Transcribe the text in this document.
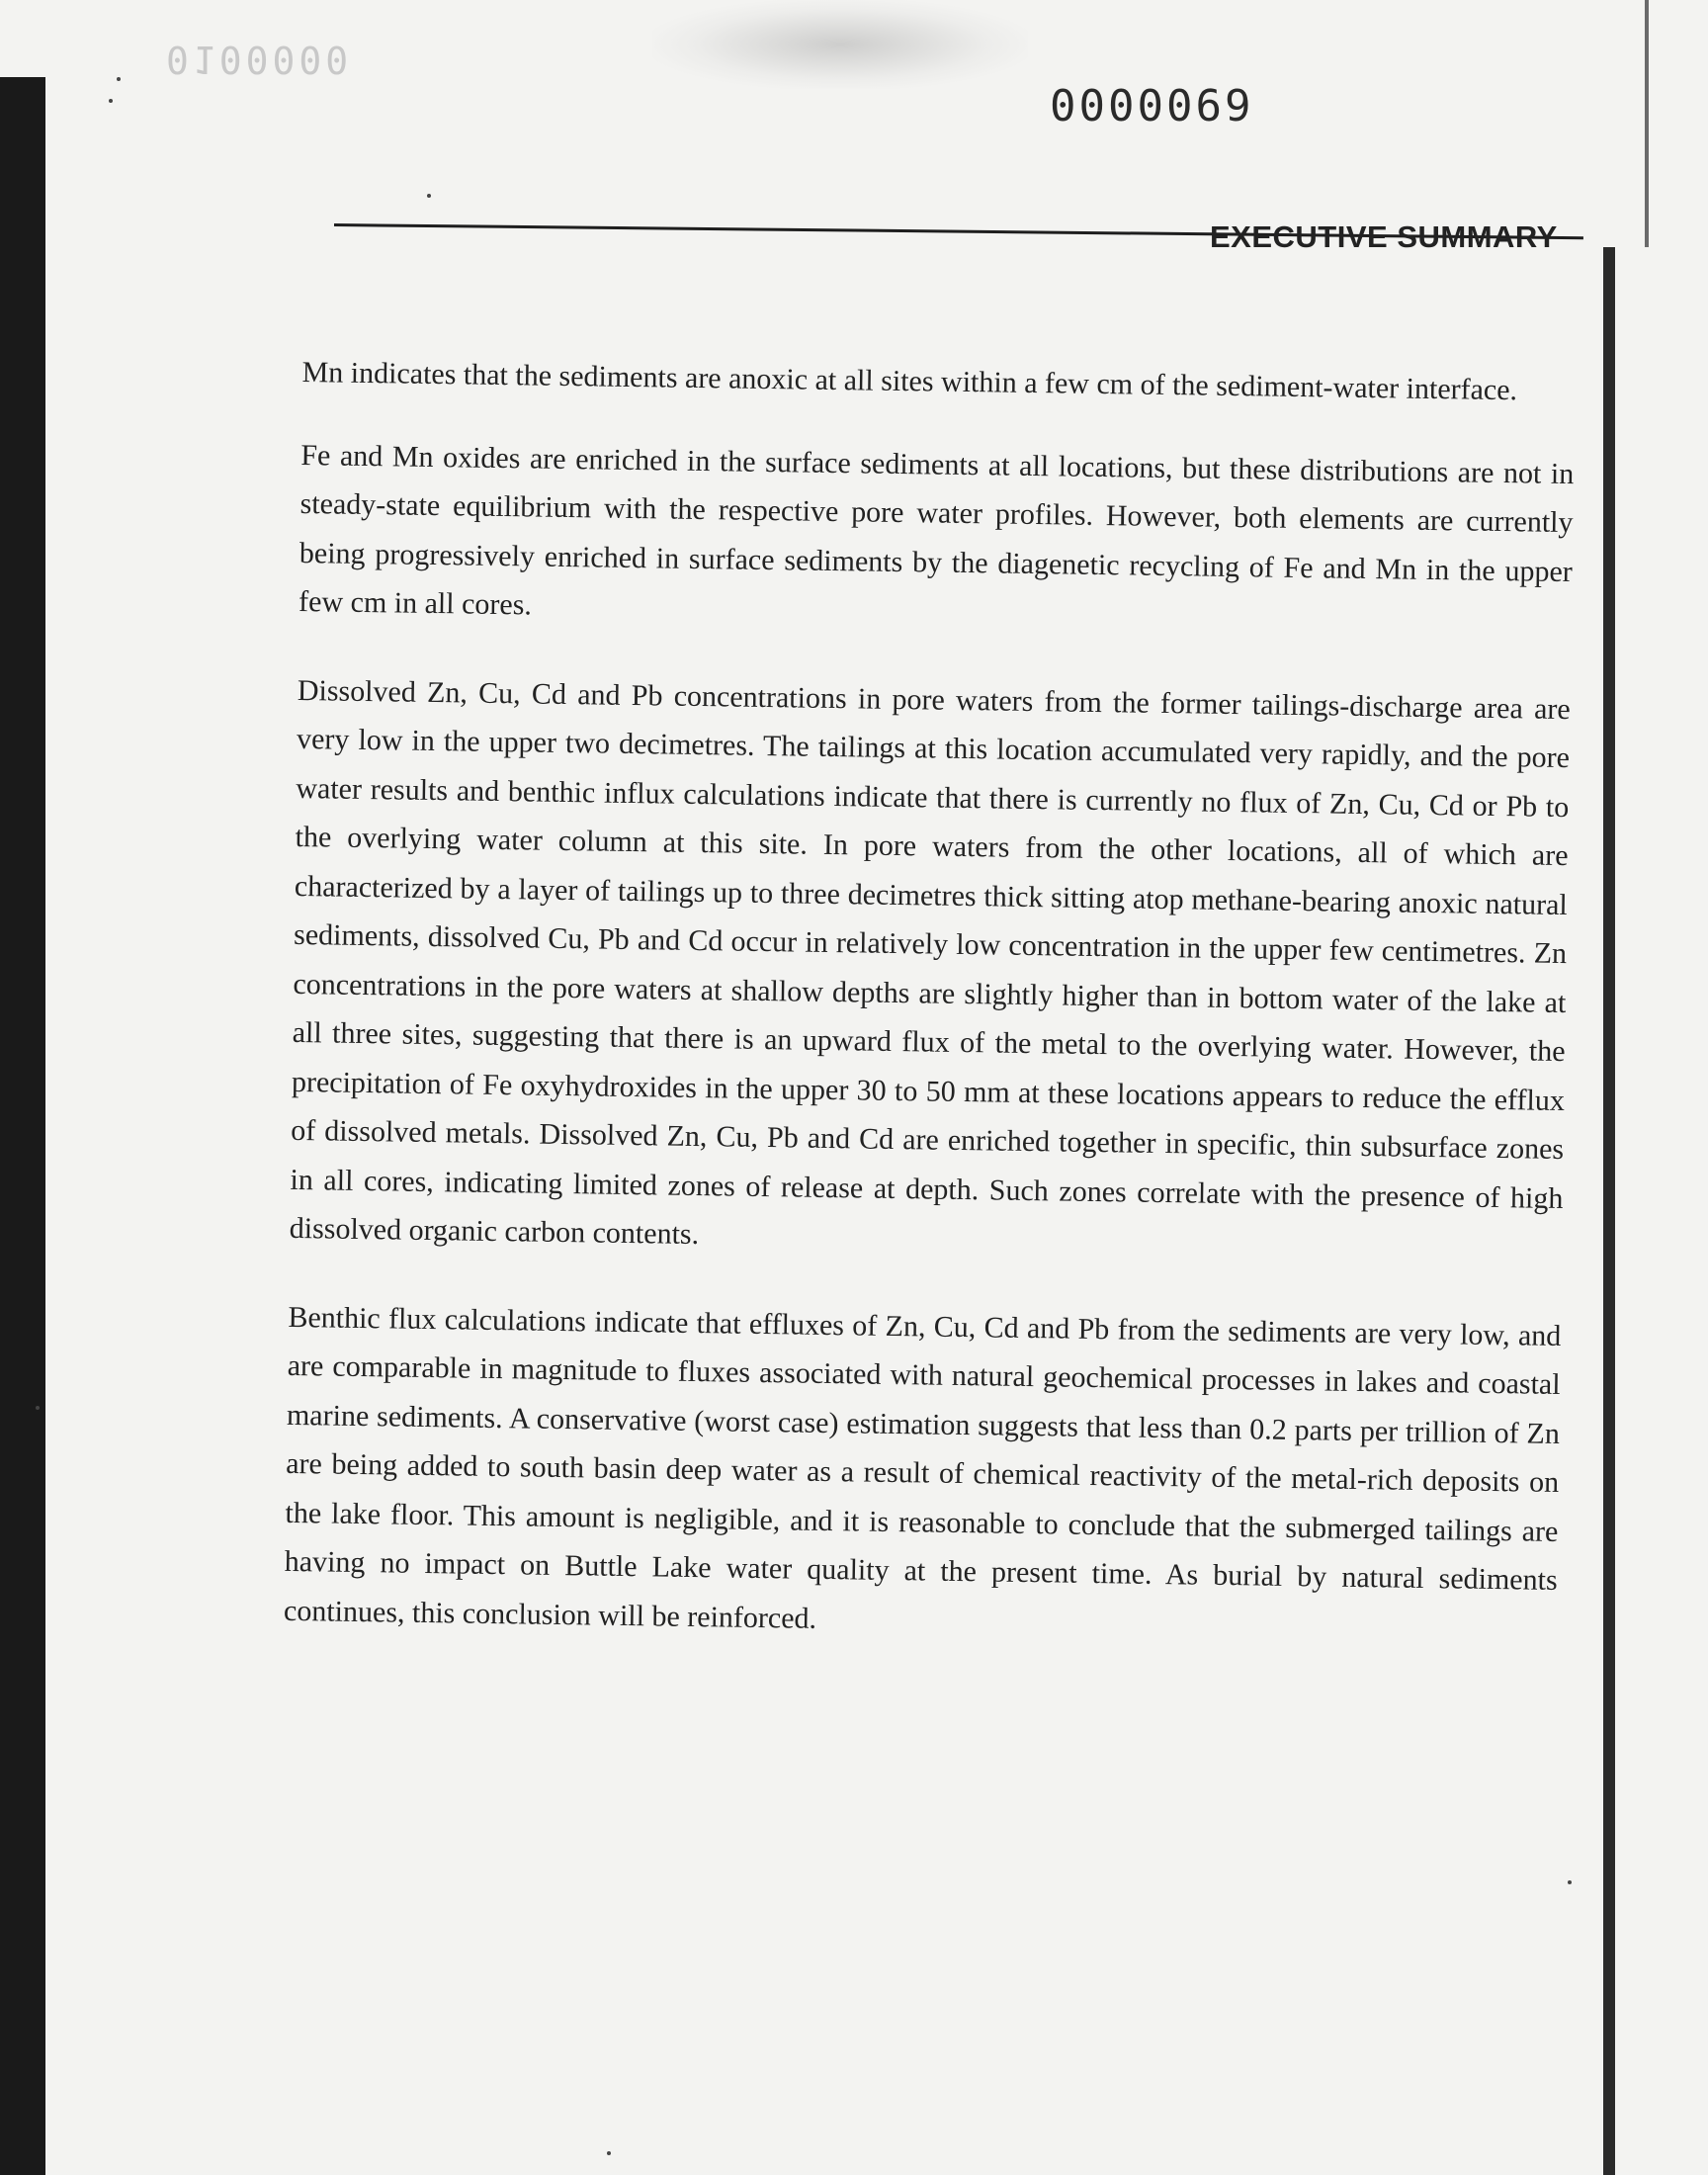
0100000
0000069
EXECUTIVE SUMMARY

Mn indicates that the sediments are anoxic at all sites within a few cm of the sediment-water interface.

Fe and Mn oxides are enriched in the surface sediments at all locations, but these distributions are not in steady-state equilibrium with the respective pore water profiles. However, both elements are currently being progressively enriched in surface sediments by the diagenetic recycling of Fe and Mn in the upper few cm in all cores.

Dissolved Zn, Cu, Cd and Pb concentrations in pore waters from the former tailings-discharge area are very low in the upper two decimetres. The tailings at this location accumulated very rapidly, and the pore water results and benthic influx calculations indicate that there is currently no flux of Zn, Cu, Cd or Pb to the overlying water column at this site. In pore waters from the other locations, all of which are characterized by a layer of tailings up to three decimetres thick sitting atop methane-bearing anoxic natural sediments, dissolved Cu, Pb and Cd occur in relatively low concentration in the upper few centimetres. Zn concentrations in the pore waters at shallow depths are slightly higher than in bottom water of the lake at all three sites, suggesting that there is an upward flux of the metal to the overlying water. However, the precipitation of Fe oxyhydroxides in the upper 30 to 50 mm at these locations appears to reduce the efflux of dissolved metals. Dissolved Zn, Cu, Pb and Cd are enriched together in specific, thin subsurface zones in all cores, indicating limited zones of release at depth. Such zones correlate with the presence of high dissolved organic carbon contents.

Benthic flux calculations indicate that effluxes of Zn, Cu, Cd and Pb from the sediments are very low, and are comparable in magnitude to fluxes associated with natural geochemical processes in lakes and coastal marine sediments. A conservative (worst case) estimation suggests that less than 0.2 parts per trillion of Zn are being added to south basin deep water as a result of chemical reactivity of the metal-rich deposits on the lake floor. This amount is negligible, and it is reasonable to conclude that the submerged tailings are having no impact on Buttle Lake water quality at the present time. As burial by natural sediments continues, this conclusion will be reinforced.
